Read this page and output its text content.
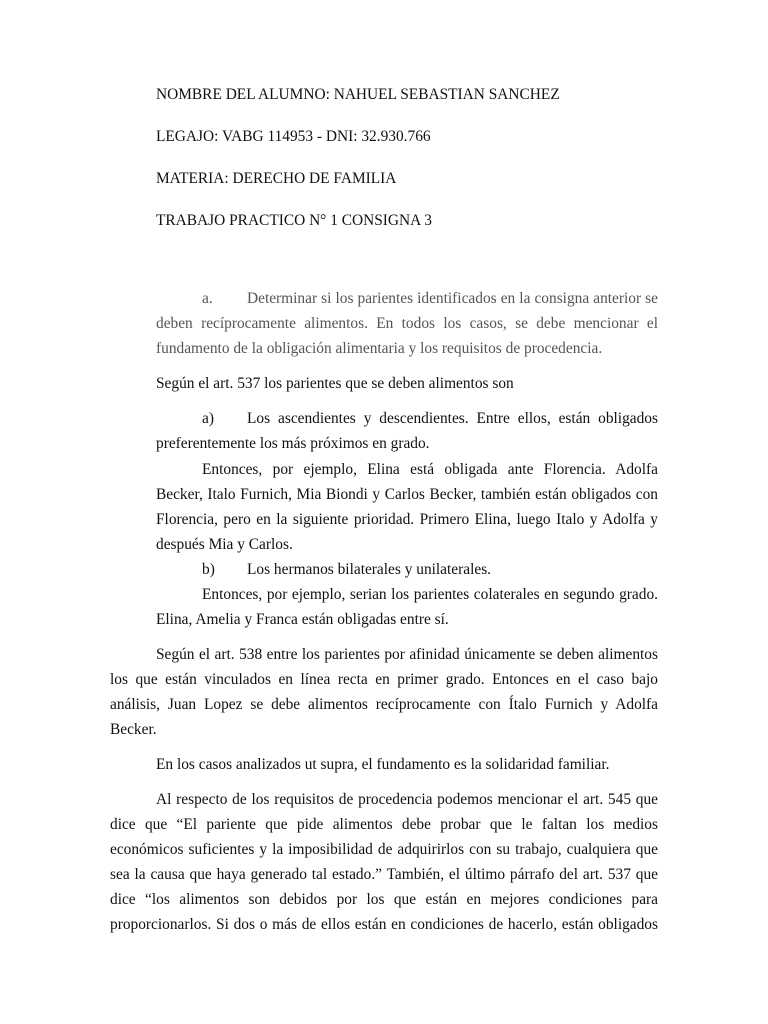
NOMBRE DEL ALUMNO: NAHUEL SEBASTIAN SANCHEZ
LEGAJO: VABG 114953 - DNI: 32.930.766
MATERIA: DERECHO DE FAMILIA
TRABAJO PRACTICO N° 1 CONSIGNA 3
a. Determinar si los parientes identificados en la consigna anterior se
deben recíprocamente alimentos. En todos los casos, se debe mencionar el
fundamento de la obligación alimentaria y los requisitos de procedencia.
Según el art. 537 los parientes que se deben alimentos son
a) Los ascendientes y descendientes. Entre ellos, están obligados
preferentemente los más próximos en grado.
Entonces, por ejemplo, Elina está obligada ante Florencia. Adolfa
Becker, Italo Furnich, Mia Biondi y Carlos Becker, también están obligados con
Florencia, pero en la siguiente prioridad. Primero Elina, luego Italo y Adolfa y
después Mia y Carlos.
b) Los hermanos bilaterales y unilaterales.
Entonces, por ejemplo, serian los parientes colaterales en segundo grado.
Elina, Amelia y Franca están obligadas entre sí.
Según el art. 538 entre los parientes por afinidad únicamente se deben alimentos
los que están vinculados en línea recta en primer grado. Entonces en el caso bajo
análisis, Juan Lopez se debe alimentos recíprocamente con Ítalo Furnich y Adolfa
Becker.
En los casos analizados ut supra, el fundamento es la solidaridad familiar.
Al respecto de los requisitos de procedencia podemos mencionar el art. 545 que
dice que “El pariente que pide alimentos debe probar que le faltan los medios
económicos suficientes y la imposibilidad de adquirirlos con su trabajo, cualquiera que
sea la causa que haya generado tal estado.” También, el último párrafo del art. 537 que
dice “los alimentos son debidos por los que están en mejores condiciones para
proporcionarlos. Si dos o más de ellos están en condiciones de hacerlo, están obligados
